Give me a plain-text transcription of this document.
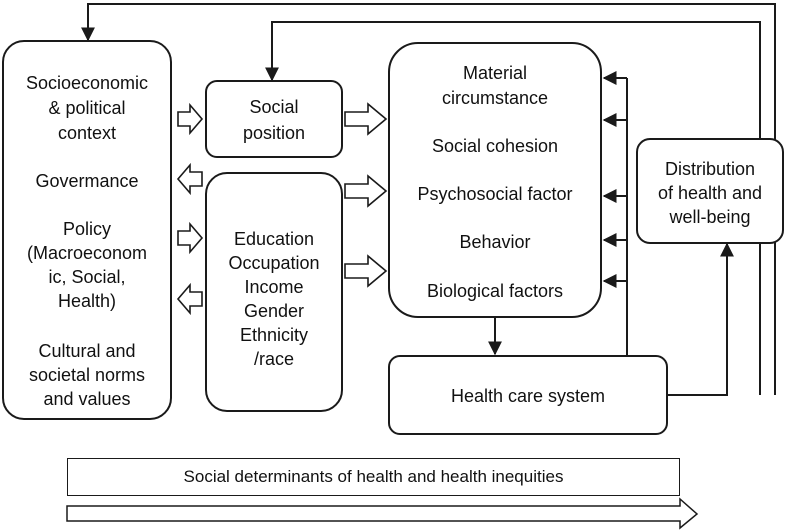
Socioeconomic
& political
context
Govermance
Policy
(Macroeconom
ic, Social,
Health)
Cultural and
societal norms
and values
Social
position
Education
Occupation
Income
Gender
Ethnicity
/race
Material
circumstance
Social cohesion
Psychosocial factor
Behavior
Biological factors
Distribution
of health and
well-being
Health care system
Social determinants of health and health inequities
